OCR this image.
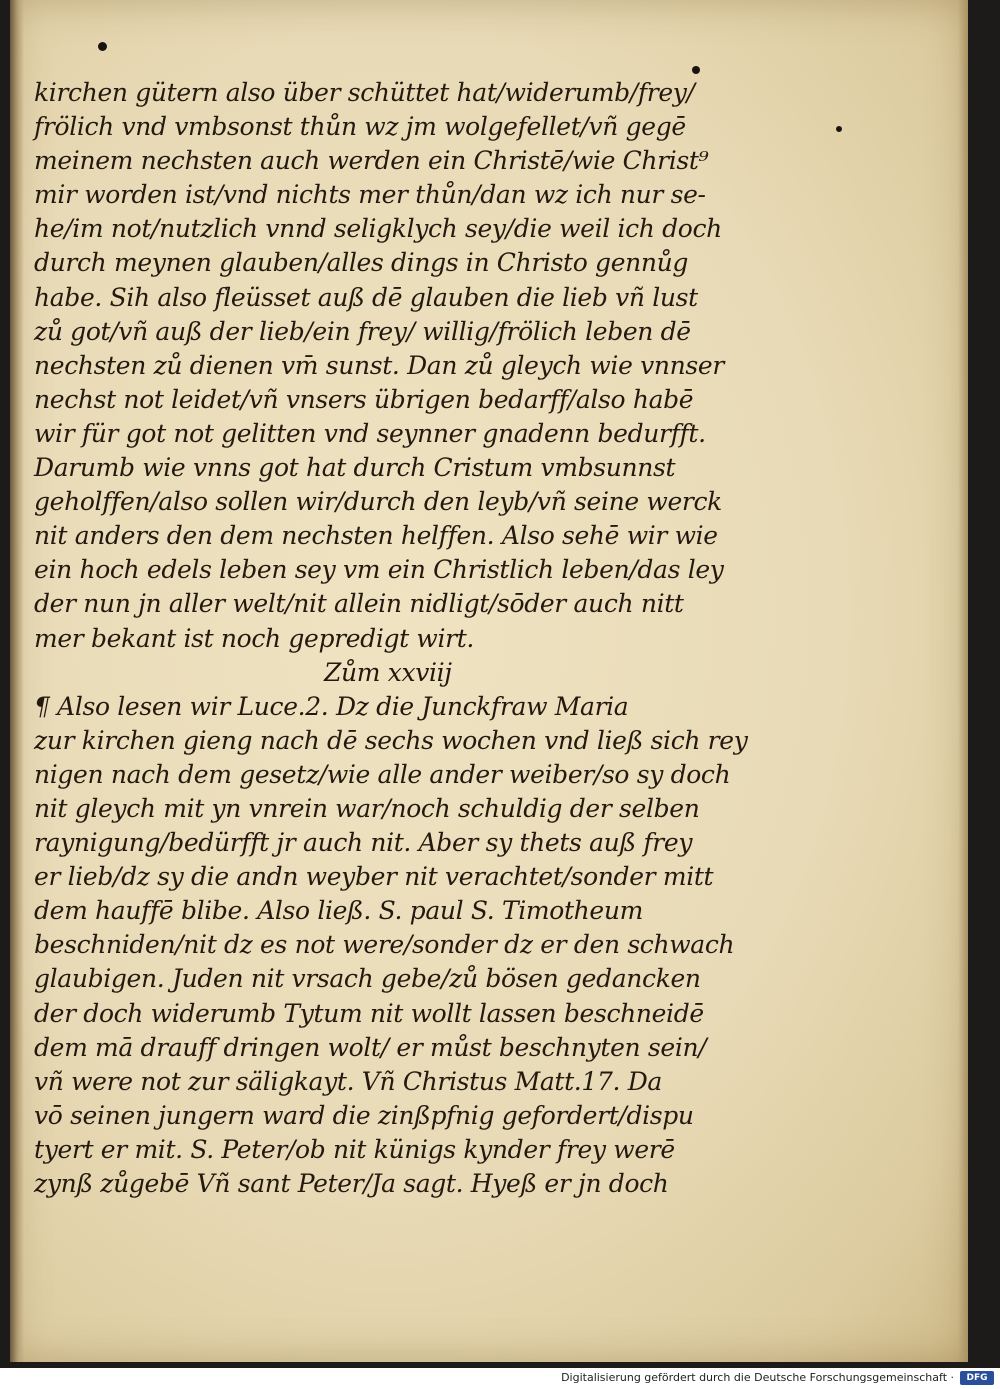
kirchen gütern also über schüttet hat/widerumb/frey/
frölich vnd vmbsonst thůn wz jm wolgefellet/vñ gegē
meinem nechsten auch werden ein Christē/wie Christ⁹
mir worden ist/vnd nichts mer thůn/dan wz ich nur se-
he/im not/nutzlich vnnd seligklych sey/die weil ich doch
durch meynen glauben/alles dings in Christo gennůg
habe. Sih also fleüsset auß dē glauben die lieb vñ lust
zů got/vñ auß der lieb/ein frey/ willig/frölich leben dē
nechsten zů dienen vm̄ sunst. Dan zů gleych wie vnnser
nechst not leidet/vñ vnsers übrigen bedarff/also habē
wir für got not gelitten vnd seynner gnadenn bedurfft.
Darumb wie vnns got hat durch Cristum vmbsunnst
geholffen/also sollen wir/durch den leyb/vñ seine werck
nit anders den dem nechsten helffen. Also sehē wir wie
ein hoch edels leben sey vm ein Christlich leben/das ley
der nun jn aller welt/nit allein nidligt/sōder auch nitt
mer bekant ist noch gepredigt wirt.
Zům xxviij
¶ Also lesen wir Luce.2. Dz die Junckfraw Maria
zur kirchen gieng nach dē sechs wochen vnd ließ sich rey
nigen nach dem gesetz/wie alle ander weiber/so sy doch
nit gleych mit yn vnrein war/noch schuldig der selben
raynigung/bedürfft jr auch nit. Aber sy thets auß frey
er lieb/dz sy die andn weyber nit verachtet/sonder mitt
dem hauffē blibe. Also ließ. S. paul S. Timotheum
beschniden/nit dz es not were/sonder dz er den schwach
glaubigen. Juden nit vrsach gebe/zů bösen gedancken
der doch widerumb Tytum nit wollt lassen beschneidē
dem mā drauff dringen wolt/ er můst beschnyten sein/
vñ were not zur säligkayt. Vñ Christus Matt.17. Da
vō seinen jungern ward die zinßpfnig gefordert/dispu
tyert er mit. S. Peter/ob nit künigs kynder frey werē
zynß zůgebē Vñ sant Peter/Ja sagt. Hyeß er jn doch
Digitalisierung gefördert durch die Deutsche Forschungsgemeinschaft ·	DFG
